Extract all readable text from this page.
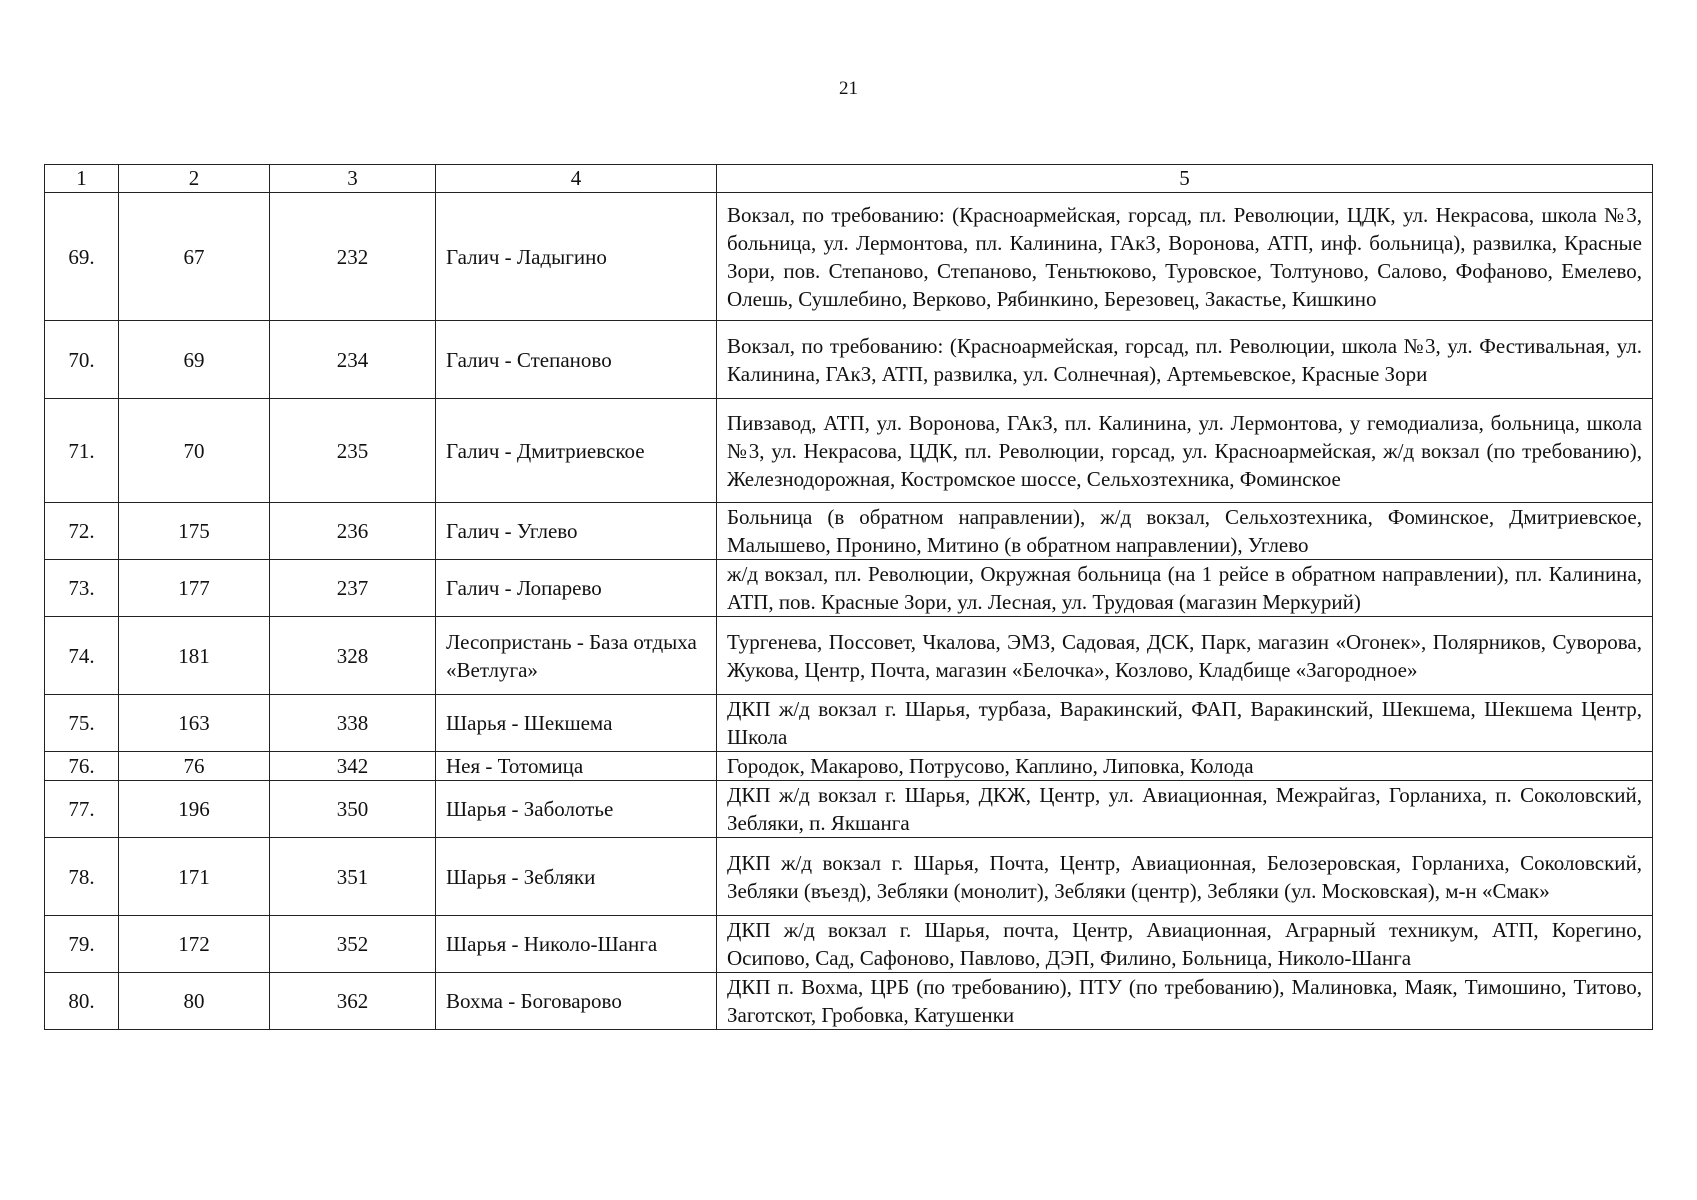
21
1	2	3	4	5
69.	67	232	Галич - Ладыгино	Вокзал, по требованию: (Красноармейская, горсад, пл. Революции, ЦДК, ул. Некрасова, школа №3, больница, ул. Лермонтова, пл. Калинина, ГАкЗ, Воронова, АТП, инф. больница), развилка, Красные Зори, пов. Степаново, Степаново, Теньтюково, Туровское, Толтуново, Салово, Фофаново, Емелево, Олешь, Сушлебино, Верково, Рябинкино, Березовец, Закастье, Кишкино
70.	69	234	Галич - Степаново	Вокзал, по требованию: (Красноармейская, горсад, пл. Революции, школа №3, ул. Фестивальная, ул. Калинина, ГАкЗ, АТП, развилка, ул. Солнечная), Артемьевское, Красные Зори
71.	70	235	Галич - Дмитриевское	Пивзавод, АТП, ул. Воронова, ГАкЗ, пл. Калинина, ул. Лермонтова, у гемодиализа, больница, школа №3, ул. Некрасова, ЦДК, пл. Революции, горсад, ул. Красноармейская, ж/д вокзал (по требованию), Железнодорожная, Костромское шоссе, Сельхозтехника, Фоминское
72.	175	236	Галич - Углево	Больница (в обратном направлении), ж/д вокзал, Сельхозтехника, Фоминское, Дмитриевское, Малышево, Пронино, Митино (в обратном направлении), Углево
73.	177	237	Галич - Лопарево	ж/д вокзал, пл. Революции, Окружная больница (на 1 рейсе в обратном направлении), пл. Калинина, АТП, пов. Красные Зори, ул. Лесная, ул. Трудовая (магазин Меркурий)
74.	181	328	Лесопристань - База отдыха «Ветлуга»	Тургенева, Поссовет, Чкалова, ЭМЗ, Садовая, ДСК, Парк, магазин «Огонек», Полярников, Суворова, Жукова, Центр, Почта, магазин «Белочка», Козлово, Кладбище «Загородное»
75.	163	338	Шарья - Шекшема	ДКП ж/д вокзал г. Шарья, турбаза, Варакинский, ФАП, Варакинский, Шекшема, Шекшема Центр, Школа
76.	76	342	Нея - Тотомица	Городок, Макарово, Потрусово, Каплино, Липовка, Колода
77.	196	350	Шарья - Заболотье	ДКП ж/д вокзал г. Шарья, ДКЖ, Центр, ул. Авиационная, Межрайгаз, Горланиха, п. Соколовский, Зебляки, п. Якшанга
78.	171	351	Шарья - Зебляки	ДКП ж/д вокзал г. Шарья, Почта, Центр, Авиационная, Белозеровская, Горланиха, Соколовский, Зебляки (въезд), Зебляки (монолит), Зебляки (центр), Зебляки (ул. Московская), м-н «Смак»
79.	172	352	Шарья - Николо-Шанга	ДКП ж/д вокзал г. Шарья, почта, Центр, Авиационная, Аграрный техникум, АТП, Корегино, Осипово, Сад, Сафоново, Павлово, ДЭП, Филино, Больница, Николо-Шанга
80.	80	362	Вохма - Боговарово	ДКП п. Вохма, ЦРБ (по требованию), ПТУ (по требованию), Малиновка, Маяк, Тимошино, Титово, Заготскот, Гробовка, Катушенки
